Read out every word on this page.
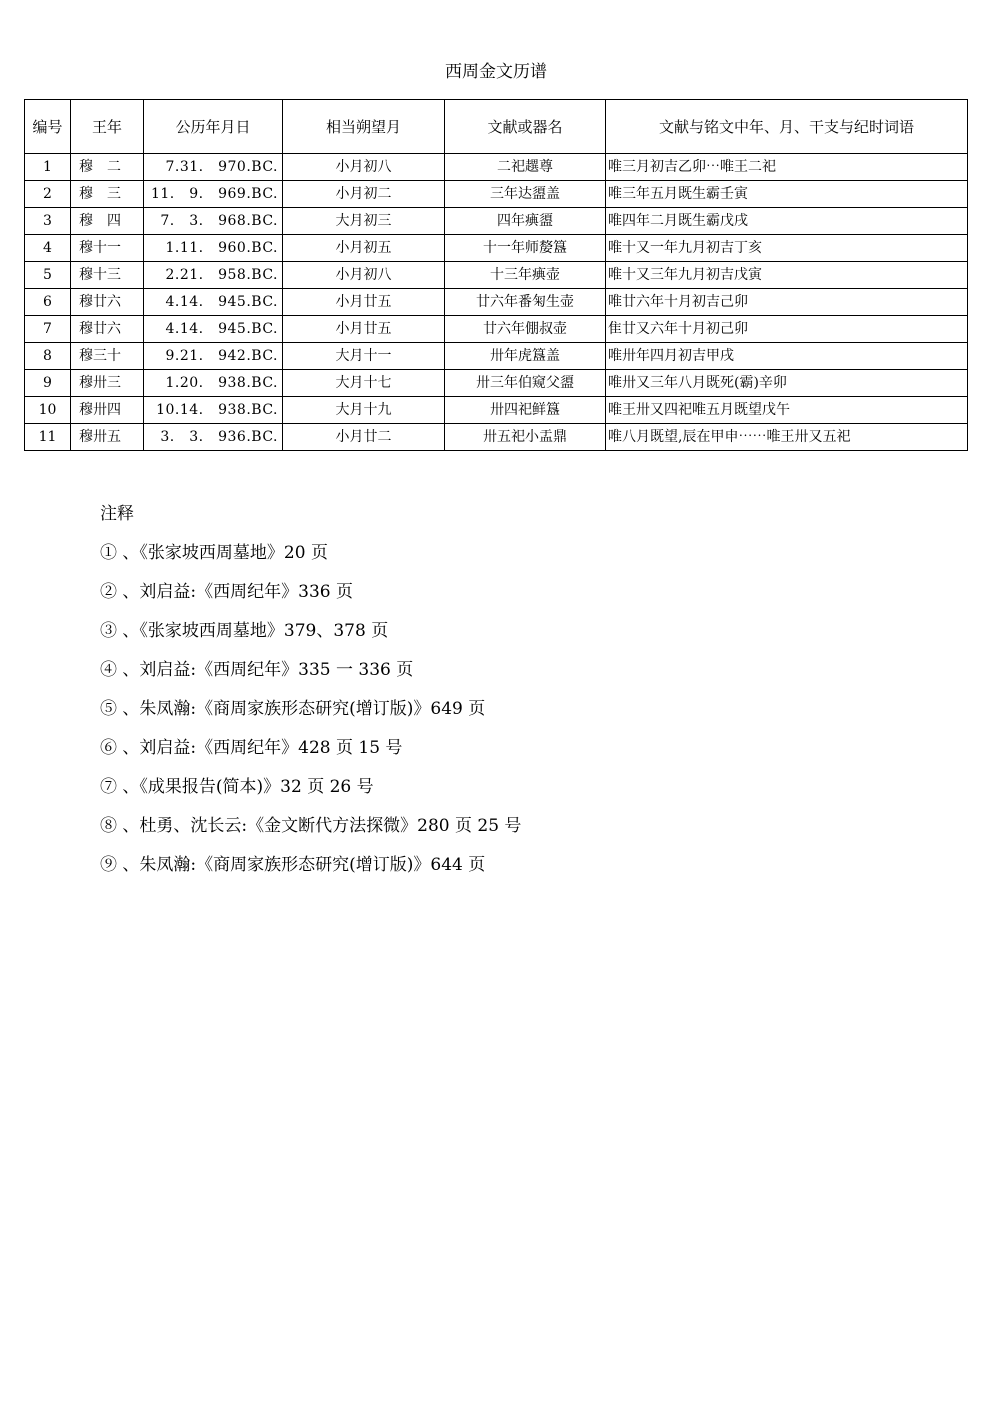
西周金文历谱
编号	王年	公历年月日	相当朔望月	文献或器名	文献与铭文中年、月、干支与纪时词语
1	穆　二	7.31.　970.BC.	小月初八	二祀趩尊	唯三月初吉乙卯⋯唯王二祀
2	穆　三	11.　9.　969.BC.	小月初二	三年达盨盖	唯三年五月既生霸壬寅
3	穆　四	7.　3.　968.BC.	大月初三	四年痶盨	唯四年二月既生霸戊戌
4	穆十一	1.11.　960.BC.	小月初五	十一年师嫠簋	唯十又一年九月初吉丁亥
5	穆十三	2.21.　958.BC.	小月初八	十三年痶壶	唯十又三年九月初吉戊寅
6	穆廿六	4.14.　945.BC.	小月廿五	廿六年番匊生壶	唯廿六年十月初吉己卯
7	穆廿六	4.14.　945.BC.	小月廿五	廿六年倗叔壶	隹廿又六年十月初己卯
8	穆三十	9.21.　942.BC.	大月十一	卅年虎簋盖	唯卅年四月初吉甲戌
9	穆卅三	1.20.　938.BC.	大月十七	卅三年伯窥父盨	唯卅又三年八月既死(霸)辛卯
10	穆卅四	10.14.　938.BC.	大月十九	卅四祀鲜簋	唯王卅又四祀唯五月既望戊午
11	穆卅五	3.　3.　936.BC.	小月廿二	卅五祀小盂鼎	唯八月既望,辰在甲申⋯⋯唯王卅又五祀
注释
① 、《张家坡西周墓地》20 页
② 、刘启益:《西周纪年》336 页
③ 、《张家坡西周墓地》379、378 页
④ 、刘启益:《西周纪年》335 一 336 页
⑤ 、朱凤瀚:《商周家族形态研究(增订版)》649 页
⑥ 、刘启益:《西周纪年》428 页 15 号
⑦ 、《成果报告(简本)》32 页 26 号
⑧ 、杜勇、沈长云:《金文断代方法探微》280 页 25 号
⑨ 、朱凤瀚:《商周家族形态研究(增订版)》644 页
